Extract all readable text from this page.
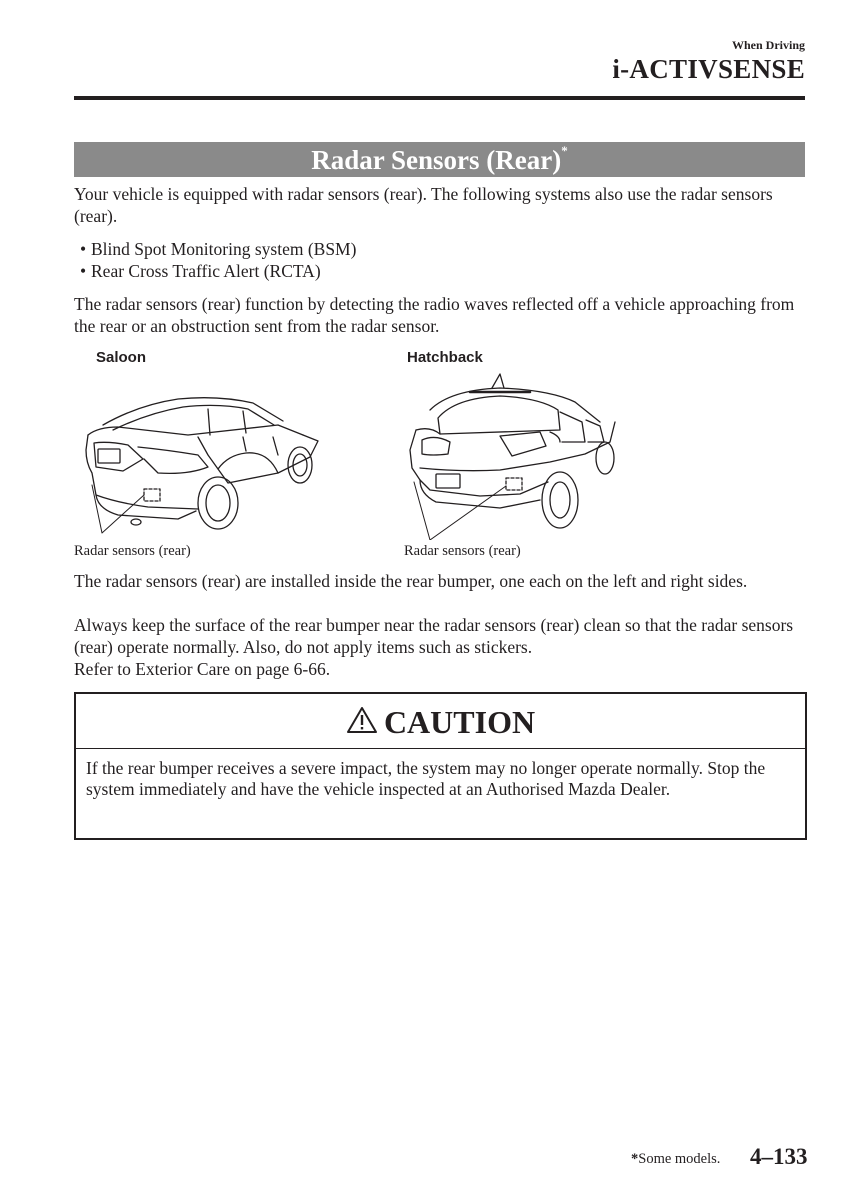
When Driving
i-ACTIVSENSE
Radar Sensors (Rear)*

Your vehicle is equipped with radar sensors (rear). The following systems also use the radar sensors (rear).

• Blind Spot Monitoring system (BSM)
• Rear Cross Traffic Alert (RCTA)

The radar sensors (rear) function by detecting the radio waves reflected off a vehicle approaching from the rear or an obstruction sent from the radar sensor.

Saloon	Hatchback
Radar sensors (rear)	Radar sensors (rear)

The radar sensors (rear) are installed inside the rear bumper, one each on the left and right sides.

Always keep the surface of the rear bumper near the radar sensors (rear) clean so that the radar sensors (rear) operate normally. Also, do not apply items such as stickers.

Refer to Exterior Care on page 6-66.

CAUTION
If the rear bumper receives a severe impact, the system may no longer operate normally. Stop the system immediately and have the vehicle inspected at an Authorised Mazda Dealer.
*Some models. 4–133
